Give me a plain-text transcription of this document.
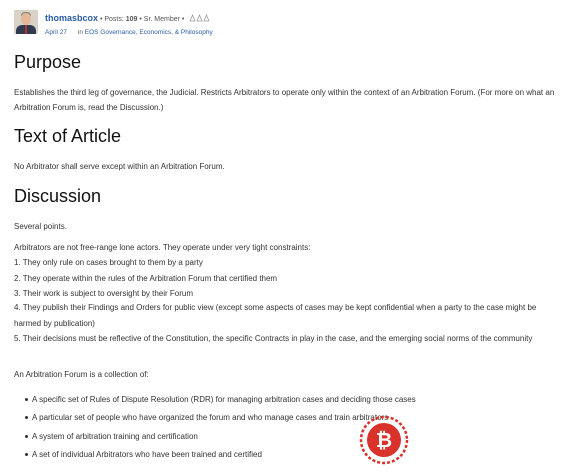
thomasbcox • Posts: 109 • Sr. Member •
April 27 in EOS Governance, Economics, & Philosophy
Purpose

Establishes the third leg of governance, the Judicial. Restricts Arbitrators to operate only within the context of an Arbitration Forum. (For more on what an Arbitration Forum is, read the Discussion.)

Text of Article
No Arbitrator shall serve except within an Arbitration Forum.
Discussion
Several points.
Arbitrators are not free-range lone actors. They operate under very tight constraints:
1. They only rule on cases brought to them by a party
2. They operate within the rules of the Arbitration Forum that certified them
3. Their work is subject to oversight by their Forum
4. They publish their Findings and Orders for public view (except some aspects of cases may be kept confidential when a party to the case might be harmed by publication)
5. Their decisions must be reflective of the Constitution, the specific Contracts in play in the case, and the emerging social norms of the community
An Arbitration Forum is a collection of:
A specific set of Rules of Dispute Resolution (RDR) for managing arbitration cases and deciding those cases
A particular set of people who have organized the forum and who manage cases and train arbitrators
A system of arbitration training and certification
A set of individual Arbitrators who have been trained and certified
₿
